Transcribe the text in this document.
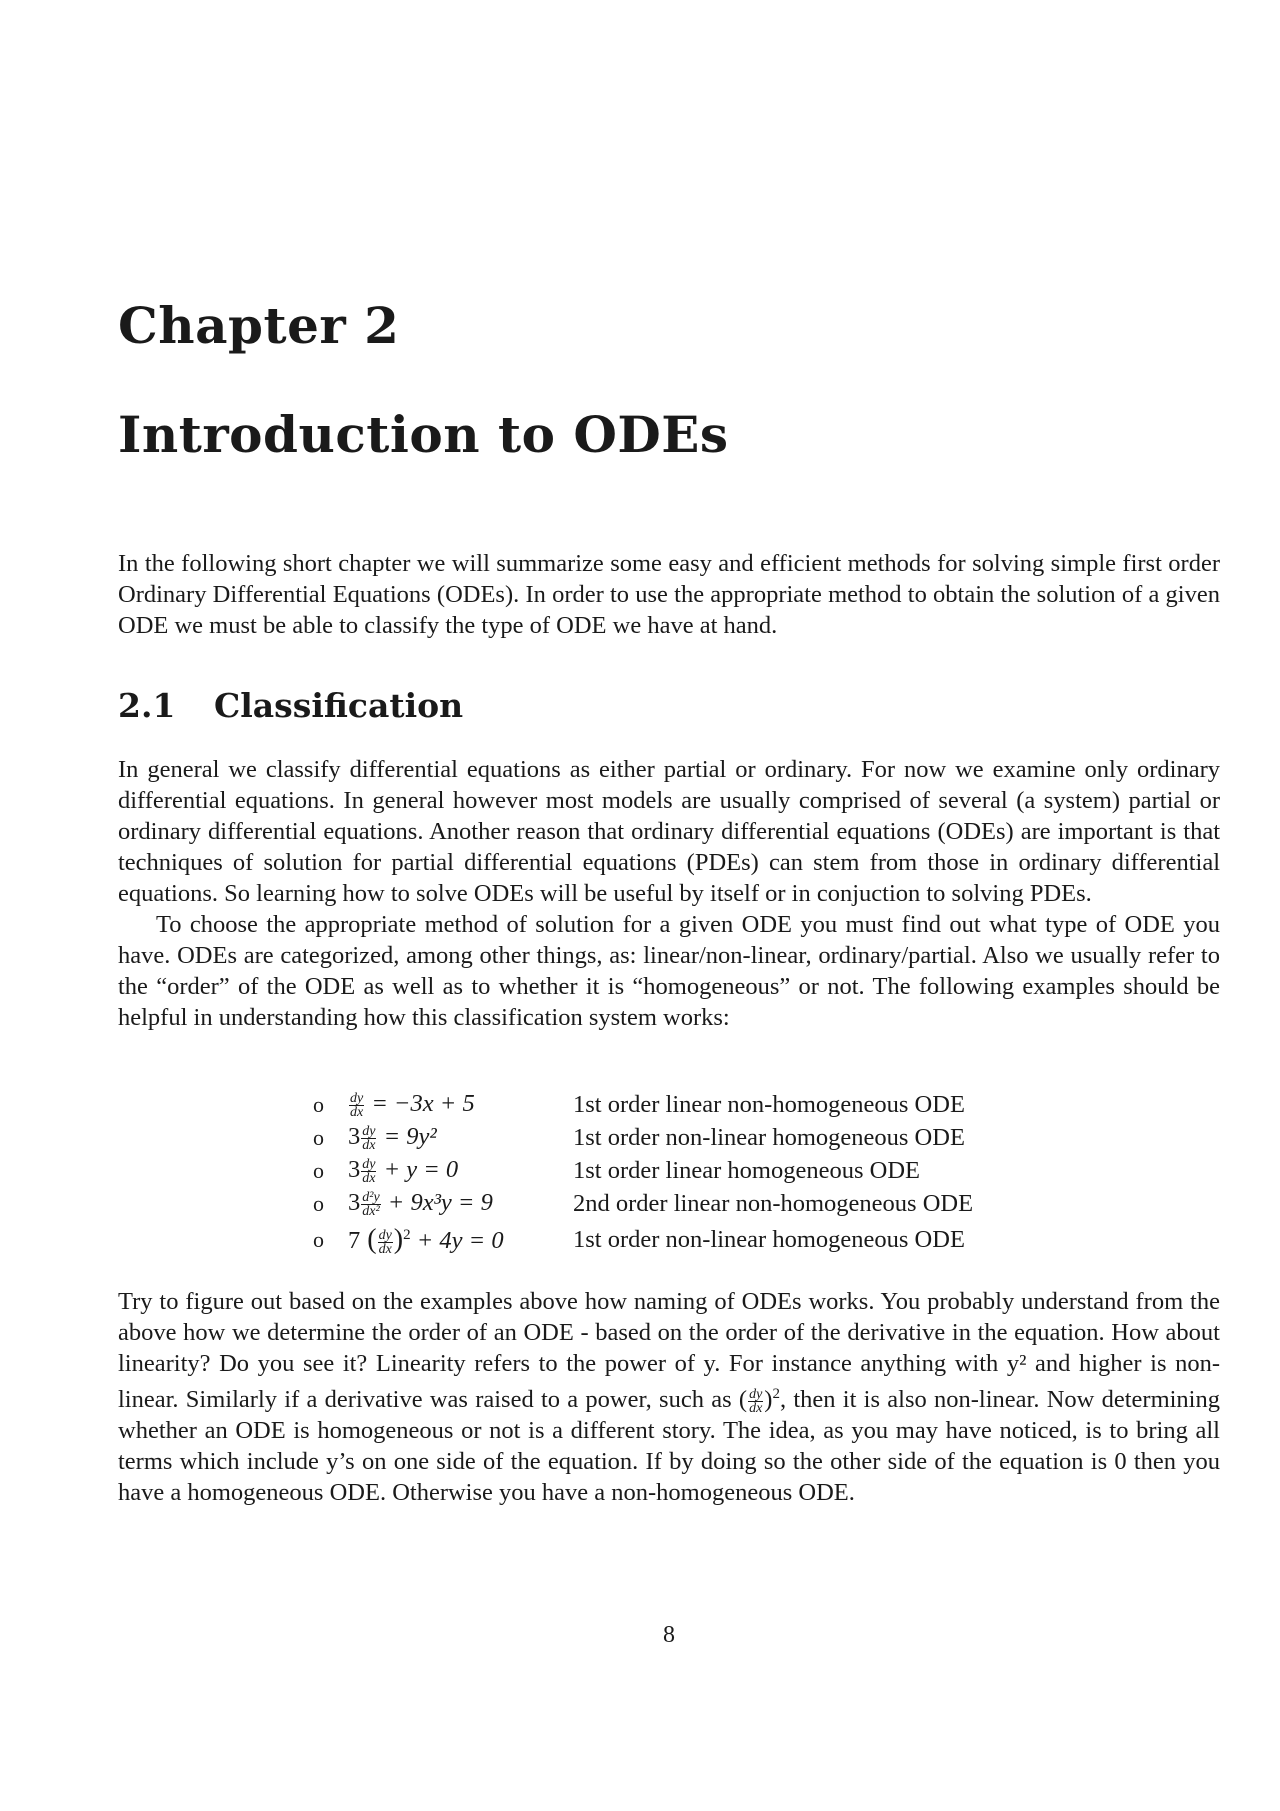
Chapter 2
Introduction to ODEs

In the following short chapter we will summarize some easy and efficient methods for solving simple first order Ordinary Differential Equations (ODEs). In order to use the appropriate method to obtain the solution of a given ODE we must be able to classify the type of ODE we have at hand.

2.1 Classification

In general we classify differential equations as either partial or ordinary. For now we examine only ordinary differential equations. In general however most models are usually comprised of several (a system) partial or ordinary differential equations. Another reason that ordinary differential equations (ODEs) are important is that techniques of solution for partial differential equations (PDEs) can stem from those in ordinary differential equations. So learning how to solve ODEs will be useful by itself or in conjuction to solving PDEs.

To choose the appropriate method of solution for a given ODE you must find out what type of ODE you have. ODEs are categorized, among other things, as: linear/non-linear, ordinary/partial. Also we usually refer to the “order” of the ODE as well as to whether it is “homogeneous” or not. The following examples should be helpful in understanding how this classification system works:

o	$\frac{dy}{dx} = -3x + 5$	1st order linear non-homogeneous ODE
o $3 \frac{dy}{dx} = 9y^2$	1st order non-linear homogeneous ODE
o $3 \frac{dy}{dx} + y = 0$	1st order linear homogeneous ODE
o $3 \frac{\text{d²y}}{\text{dx²}} + 9x^3y = 9$	2nd order linear non-homogeneous ODE
o 7 ( $\frac{dy}{dx} )^2 + 4y = 0$	1st order non-linear homogeneous ODE

Try to figure out based on the examples above how naming of ODEs works. You probably understand from the above how we determine the order of an ODE - based on the order of the derivative in the equation. How about linearity? Do you see it? Linearity refers to the power of y. For instance anything with y² and higher is non-linear. Similarly if a derivative was raised to a power, such as ( $\frac{dy}{dx} )^2$, then it is also non-linear. Now determining whether an ODE is homogeneous or not is a different story. The idea, as you may have noticed, is to bring all terms which include y’s on one side of the equation. If by doing so the other side of the equation is 0 then you have a homogeneous ODE. Otherwise you have a non-homogeneous ODE.

8
